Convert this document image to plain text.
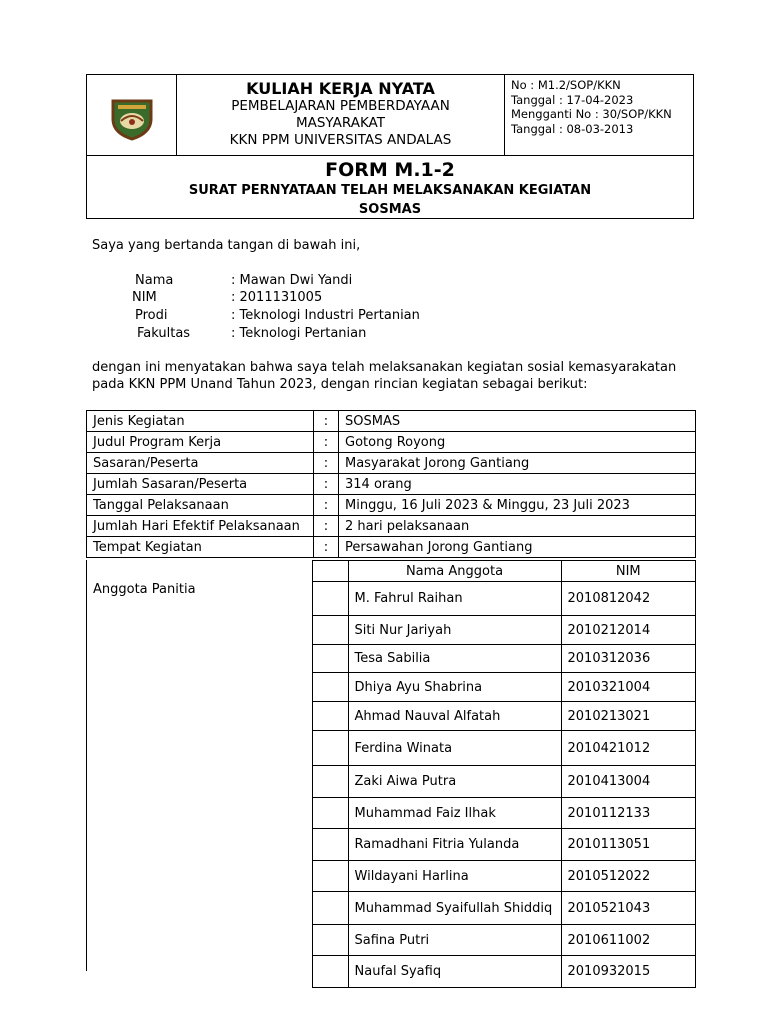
KULIAH KERJA NYATA
PEMBELAJARAN PEMBERDAYAAN
MASYARAKAT
KKN PPM UNIVERSITAS ANDALAS
No : M1.2/SOP/KKN
Tanggal : 17-04-2023
Mengganti No : 30/SOP/KKN
Tanggal : 08-03-2013
FORM M.1-2
SURAT PERNYATAAN TELAH MELAKSANAKAN KEGIATAN
SOSMAS
Saya yang bertanda tangan di bawah ini,
Nama	: Mawan Dwi Yandi
NIM	: 2011131005
Prodi	: Teknologi Industri Pertanian
Fakultas	: Teknologi Pertanian
dengan ini menyatakan bahwa saya telah melaksanakan kegiatan sosial kemasyarakatan
pada KKN PPM Unand Tahun 2023, dengan rincian kegiatan sebagai berikut:
Jenis Kegiatan	:	SOSMAS
Judul Program Kerja	:	Gotong Royong
Sasaran/Peserta	:	Masyarakat Jorong Gantiang
Jumlah Sasaran/Peserta	:	314 orang
Tanggal Pelaksanaan	:	Minggu, 16 Juli 2023 & Minggu, 23 Juli 2023
Jumlah Hari Efektif Pelaksanaan	:	2 hari pelaksanaan
Tempat Kegiatan	:	Persawahan Jorong Gantiang
Anggota Panitia
	Nama Anggota	NIM
	M. Fahrul Raihan	2010812042
	Siti Nur Jariyah	2010212014
	Tesa Sabilia	2010312036
	Dhiya Ayu Shabrina	2010321004
	Ahmad Nauval Alfatah	2010213021
	Ferdina Winata	2010421012
	Zaki Aiwa Putra	2010413004
	Muhammad Faiz Ilhak	2010112133
	Ramadhani Fitria Yulanda	2010113051
	Wildayani Harlina	2010512022
	Muhammad Syaifullah Shiddiq	2010521043
	Safina Putri	2010611002
	Naufal Syafiq	2010932015
